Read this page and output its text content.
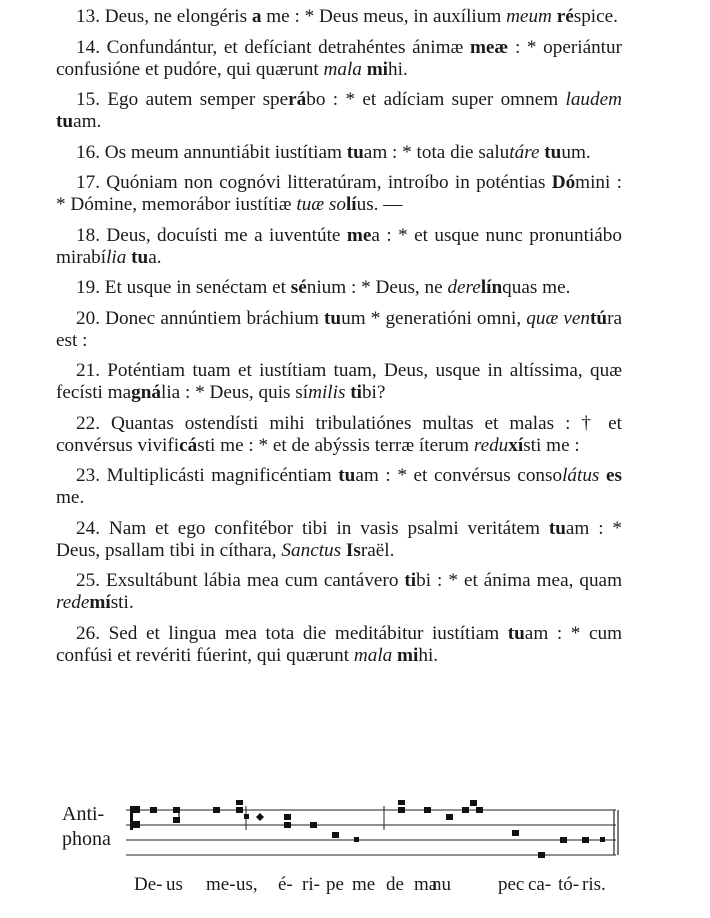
13. Deus, ne elongéris a me : * Deus meus, in auxílium meum réspice.

14. Confundántur, et defíciant detrahéntes ánimæ meæ : * operiántur confusióne et pudóre, qui quærunt mala mihi.

15. Ego autem semper sperábo : * et adíciam super omnem laudem tuam.

16. Os meum annuntiábit iustítiam tuam : * tota die salutáre tuum.

17. Quóniam non cognóvi litteratúram, introíbo in poténtias Dómini : * Dómine, memorábor iustítiæ tuæ solíus. —

18. Deus, docuísti me a iuventúte mea : * et usque nunc pronuntiábo mirabília tua.

19. Et usque in senéctam et sénium : * Deus, ne derelínquas me.

20. Donec annúntiem bráchium tuum * generatióni omni, quæ ventúra est :

21. Poténtiam tuam et iustítiam tuam, Deus, usque in altíssima, quæ fecísti magnália : * Deus, quis símilis tibi?

22. Quantas ostendísti mihi tribulatiónes multas et malas : † et convérsus vivificásti me : * et de abýssis terræ íterum reduxísti me :

23. Multiplicásti magnificéntiam tuam : * et convérsus consolátus es me.

24. Nam et ego confitébor tibi in vasis psalmi veritátem tuam : * Deus, psallam tibi in cíthara, Sanctus Israël.

25. Exsultábunt lábia mea cum cantávero tibi : * et ánima mea, quam redemísti.

26. Sed et lingua mea tota die meditábitur iustítiam tuam : * cum confúsi et revériti fúerint, qui quærunt mala mihi.

Anti-
phona
De- us me- us, é- ri- pe me de ma
nu pec ca- tó- ris.
